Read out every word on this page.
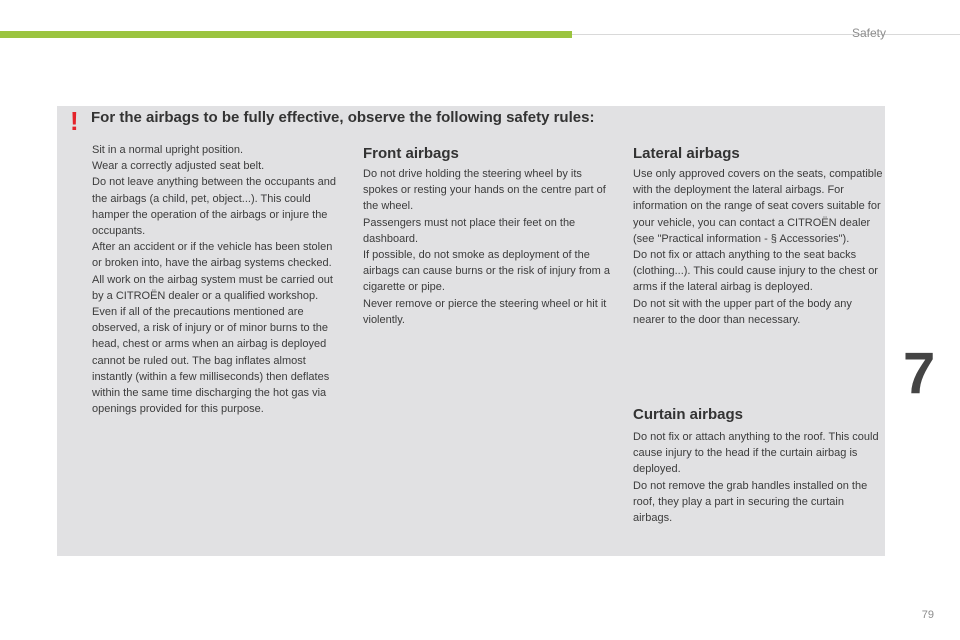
Safety
! For the airbags to be fully effective, observe the following safety rules:

Sit in a normal upright position.

Wear a correctly adjusted seat belt.

Do not leave anything between the occupants and the airbags (a child, pet, object...). This could hamper the operation of the airbags or injure the occupants.

After an accident or if the vehicle has been stolen or broken into, have the airbag systems checked.

All work on the airbag system must be carried out by a CITROËN dealer or a qualified workshop.

Even if all of the precautions mentioned are observed, a risk of injury or of minor burns to the head, chest or arms when an airbag is deployed cannot be ruled out. The bag inflates almost instantly (within a few milliseconds) then deflates within the same time discharging the hot gas via openings provided for this purpose.

Front airbags

Do not drive holding the steering wheel by its spokes or resting your hands on the centre part of the wheel.

Passengers must not place their feet on the dashboard.

If possible, do not smoke as deployment of the airbags can cause burns or the risk of injury from a cigarette or pipe.

Never remove or pierce the steering wheel or hit it violently.

Lateral airbags

Use only approved covers on the seats, compatible with the deployment the lateral airbags. For information on the range of seat covers suitable for your vehicle, you can contact a CITROËN dealer (see "Practical information - § Accessories").

Do not fix or attach anything to the seat backs (clothing...). This could cause injury to the chest or arms if the lateral airbag is deployed.

Do not sit with the upper part of the body any nearer to the door than necessary.

Curtain airbags

Do not fix or attach anything to the roof. This could cause injury to the head if the curtain airbag is deployed.

Do not remove the grab handles installed on the roof, they play a part in securing the curtain airbags.

7
79
